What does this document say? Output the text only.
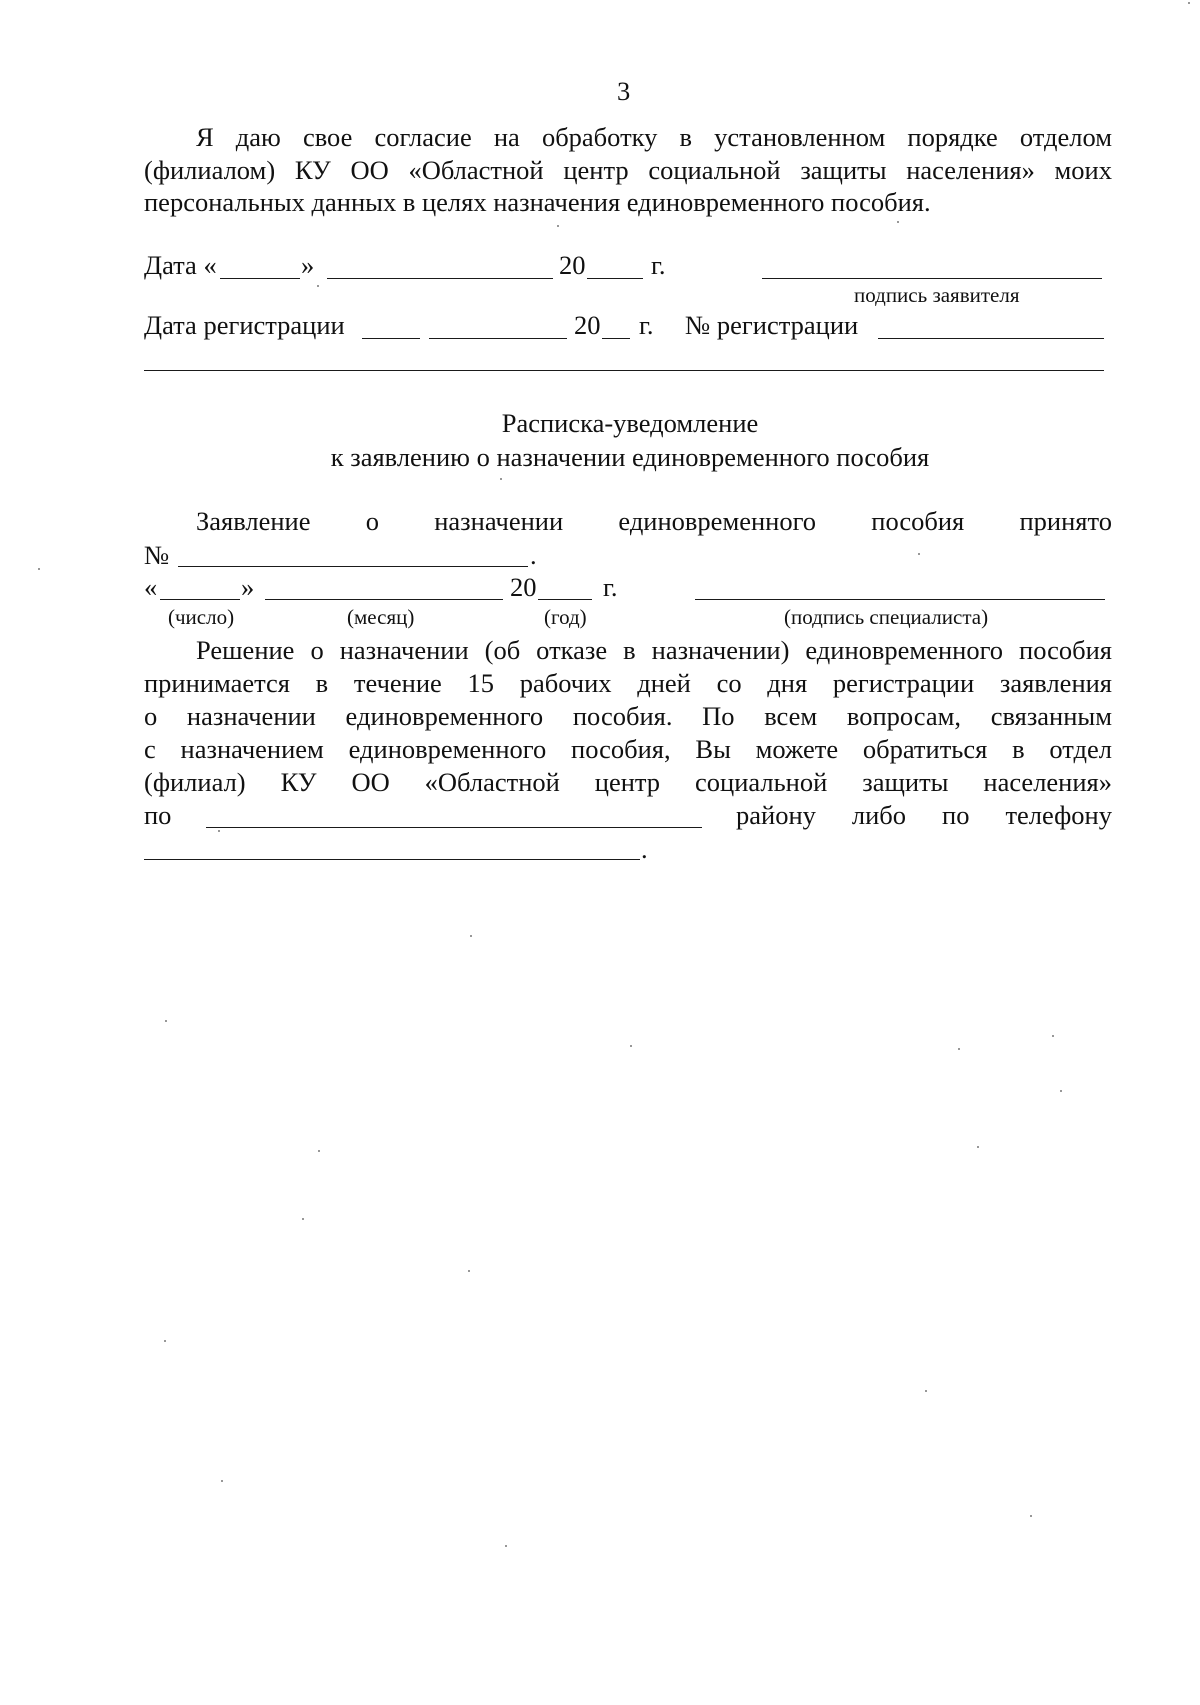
3
Я даю свое согласие на обработку в установленном порядке отделом
(филиалом) КУ ОО «Областной центр социальной защиты населения» моих
персональных данных в целях назначения единовременного пособия.
Дата «	»	20 г.
подпись заявителя
Дата регистрации	20 г. № регистрации
Расписка-уведомление
к заявлению о назначении единовременного пособия
Заявление о назначении единовременного пособия принято
№	.
«	»	20	г.
(число)	(месяц)	(год)	(подпись специалиста)
Решение о назначении (об отказе в назначении) единовременного пособия
принимается в течение 15 рабочих дней со дня регистрации заявления
о назначении единовременного пособия. По всем вопросам, связанным
с назначением единовременного пособия, Вы можете обратиться в отдел
(филиал) КУ ОО «Областной центр социальной защиты населения»
по	району либо по телефону
.
